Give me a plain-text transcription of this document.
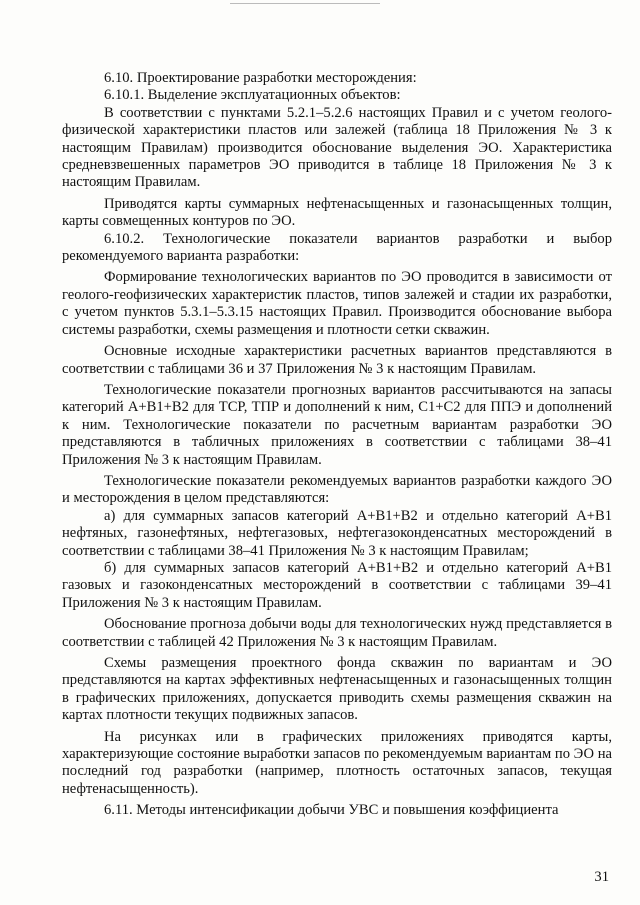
6.10. Проектирование разработки месторождения:

6.10.1. Выделение эксплуатационных объектов:

В соответствии с пунктами 5.2.1–5.2.6 настоящих Правил и с учетом геолого-физической характеристики пластов или залежей (таблица 18 Приложения № 3 к настоящим Правилам) производится обоснование выделения ЭО. Характеристика средневзвешенных параметров ЭО приводится в таблице 18 Приложения № 3 к настоящим Правилам.

Приводятся карты суммарных нефтенасыщенных и газонасыщенных толщин, карты совмещенных контуров по ЭО.

6.10.2. Технологические показатели вариантов разработки и выбор рекомендуемого варианта разработки:

Формирование технологических вариантов по ЭО проводится в зависимости от геолого-геофизических характеристик пластов, типов залежей и стадии их разработки, с учетом пунктов 5.3.1–5.3.15 настоящих Правил. Производится обоснование выбора системы разработки, схемы размещения и плотности сетки скважин.

Основные исходные характеристики расчетных вариантов представляются в соответствии с таблицами 36 и 37 Приложения № 3 к настоящим Правилам.

Технологические показатели прогнозных вариантов рассчитываются на запасы категорий А+В1+В2 для ТСР, ТПР и дополнений к ним, С1+С2 для ППЭ и дополнений к ним. Технологические показатели по расчетным вариантам разработки ЭО представляются в табличных приложениях в соответствии с таблицами 38–41 Приложения № 3 к настоящим Правилам.

Технологические показатели рекомендуемых вариантов разработки каждого ЭО и месторождения в целом представляются:

а) для суммарных запасов категорий А+В1+В2 и отдельно категорий А+В1 нефтяных, газонефтяных, нефтегазовых, нефтегазоконденсатных месторождений в соответствии с таблицами 38–41 Приложения № 3 к настоящим Правилам;

б) для суммарных запасов категорий А+В1+В2 и отдельно категорий А+В1 газовых и газоконденсатных месторождений в соответствии с таблицами 39–41 Приложения № 3 к настоящим Правилам.

Обоснование прогноза добычи воды для технологических нужд представляется в соответствии с таблицей 42 Приложения № 3 к настоящим Правилам.

Схемы размещения проектного фонда скважин по вариантам и ЭО представляются на картах эффективных нефтенасыщенных и газонасыщенных толщин в графических приложениях, допускается приводить схемы размещения скважин на картах плотности текущих подвижных запасов.

На рисунках или в графических приложениях приводятся карты, характеризующие состояние выработки запасов по рекомендуемым вариантам по ЭО на последний год разработки (например, плотность остаточных запасов, текущая нефтенасыщенность).

6.11. Методы интенсификации добычи УВС и повышения коэффициента

31
